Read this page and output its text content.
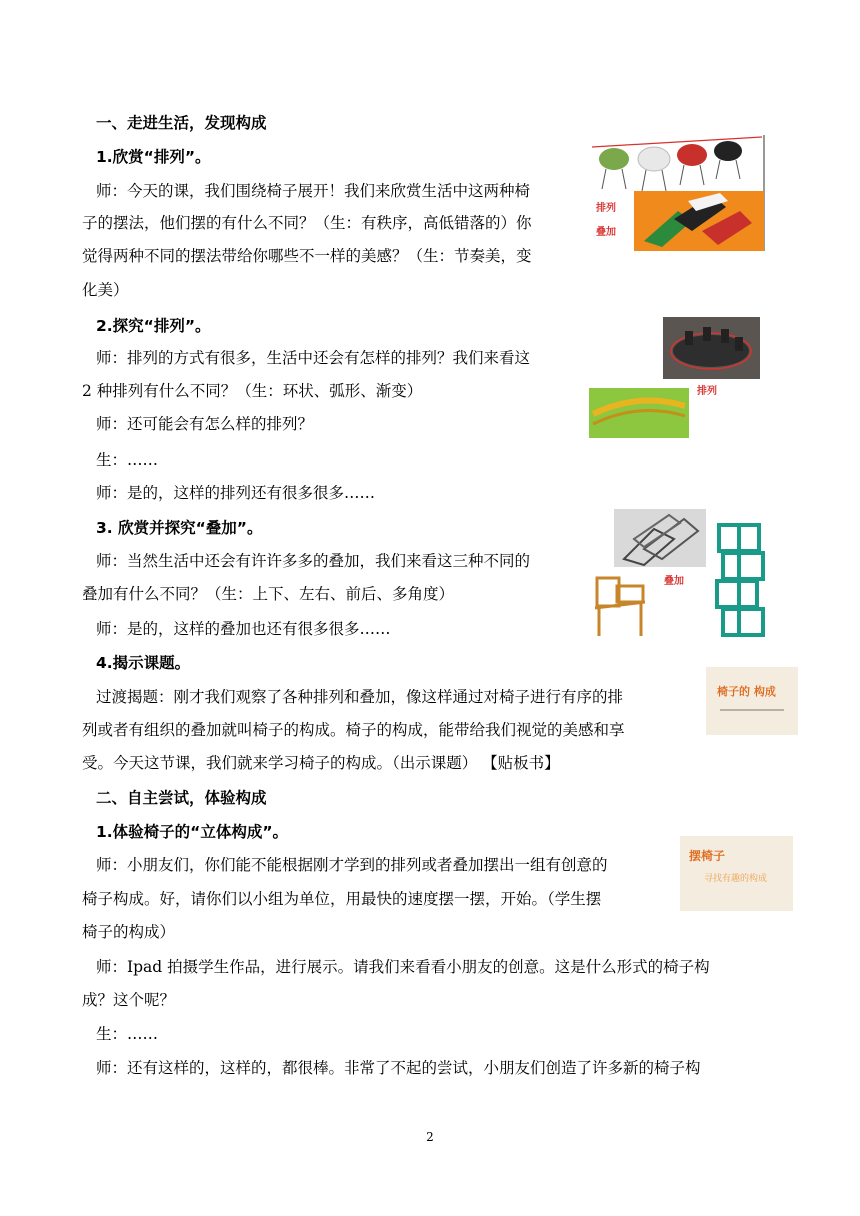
一、走进生活，发现构成
1.欣赏“排列”。
师：今天的课，我们围绕椅子展开！我们来欣赏生活中这两种椅
子的摆法，他们摆的有什么不同？（生：有秩序，高低错落的）你
觉得两种不同的摆法带给你哪些不一样的美感？（生：节奏美，变
化美）
2.探究“排列”。
师：排列的方式有很多，生活中还会有怎样的排列？我们来看这
2 种排列有什么不同？（生：环状、弧形、渐变）
师：还可能会有怎么样的排列？
生：……
师：是的，这样的排列还有很多很多……
3. 欣赏并探究“叠加”。
师：当然生活中还会有许许多多的叠加，我们来看这三种不同的
叠加有什么不同？（生：上下、左右、前后、多角度）
师：是的，这样的叠加也还有很多很多……
4.揭示课题。
过渡揭题：刚才我们观察了各种排列和叠加，像这样通过对椅子进行有序的排
列或者有组织的叠加就叫椅子的构成。椅子的构成，能带给我们视觉的美感和享
受。今天这节课，我们就来学习椅子的构成。（出示课题） 【贴板书】
二、自主尝试，体验构成
1.体验椅子的“立体构成”。
师：小朋友们，你们能不能根据刚才学到的排列或者叠加摆出一组有创意的
椅子构成。好，请你们以小组为单位，用最快的速度摆一摆，开始。（学生摆
椅子的构成）
师：Ipad 拍摄学生作品，进行展示。请我们来看看小朋友的创意。这是什么形式的椅子构
成？这个呢？
生：……
师：还有这样的，这样的，都很棒。非常了不起的尝试，小朋友们创造了许多新的椅子构
排列
叠加
排列
叠加
椅子的 构成
摆椅子
寻找有趣的构成
2
